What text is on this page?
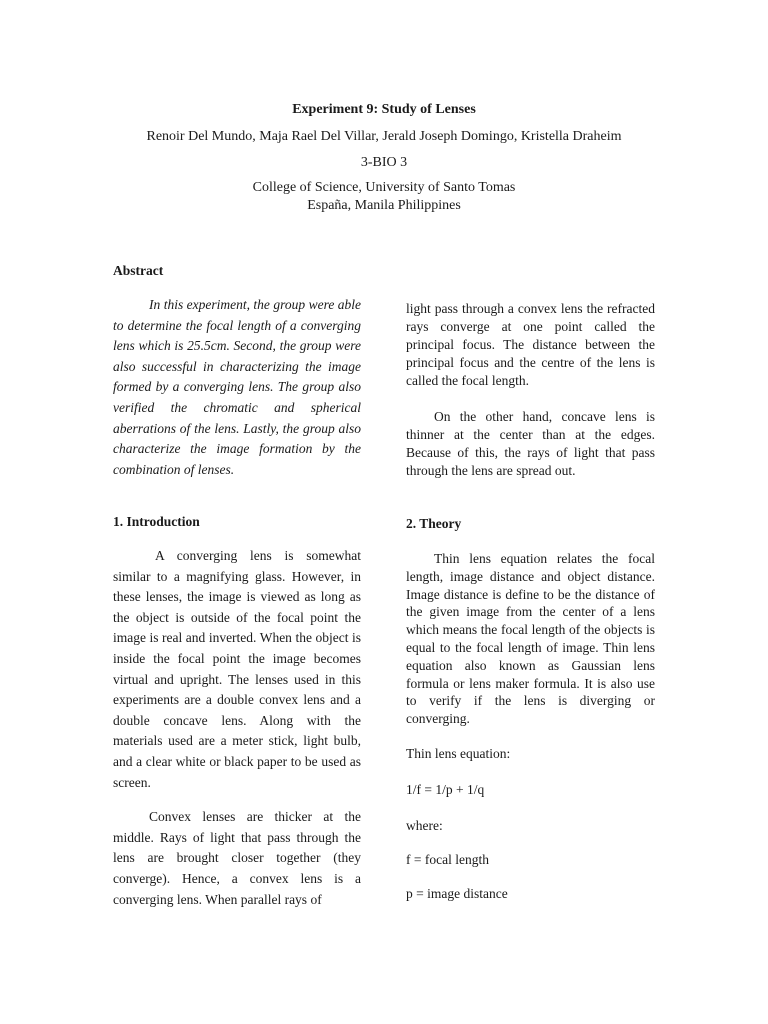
Experiment 9: Study of Lenses
Renoir Del Mundo, Maja Rael Del Villar, Jerald Joseph Domingo, Kristella Draheim
3-BIO 3
College of Science, University of Santo Tomas
España, Manila Philippines
Abstract

In this experiment, the group were able to determine the focal length of a converging lens which is 25.5cm. Second, the group were also successful in characterizing the image formed by a converging lens. The group also verified the chromatic and spherical aberrations of the lens. Lastly, the group also characterize the image formation by the combination of lenses.

1. Introduction

A converging lens is somewhat similar to a magnifying glass. However, in these lenses, the image is viewed as long as the object is outside of the focal point the image is real and inverted. When the object is inside the focal point the image becomes virtual and upright. The lenses used in this experiments are a double convex lens and a double concave lens. Along with the materials used are a meter stick, light bulb, and a clear white or black paper to be used as screen.

Convex lenses are thicker at the middle. Rays of light that pass through the lens are brought closer together (they converge). Hence, a convex lens is a converging lens. When parallel rays of

light pass through a convex lens the refracted rays converge at one point called the principal focus. The distance between the principal focus and the centre of the lens is called the focal length.

On the other hand, concave lens is thinner at the center than at the edges. Because of this, the rays of light that pass through the lens are spread out.

2. Theory

Thin lens equation relates the focal length, image distance and object distance. Image distance is define to be the distance of the given image from the center of a lens which means the focal length of the objects is equal to the focal length of image. Thin lens equation also known as Gaussian lens formula or lens maker formula. It is also use to verify if the lens is diverging or converging.

Thin lens equation:
1/f = 1/p + 1/q
where:
f = focal length
p = image distance
